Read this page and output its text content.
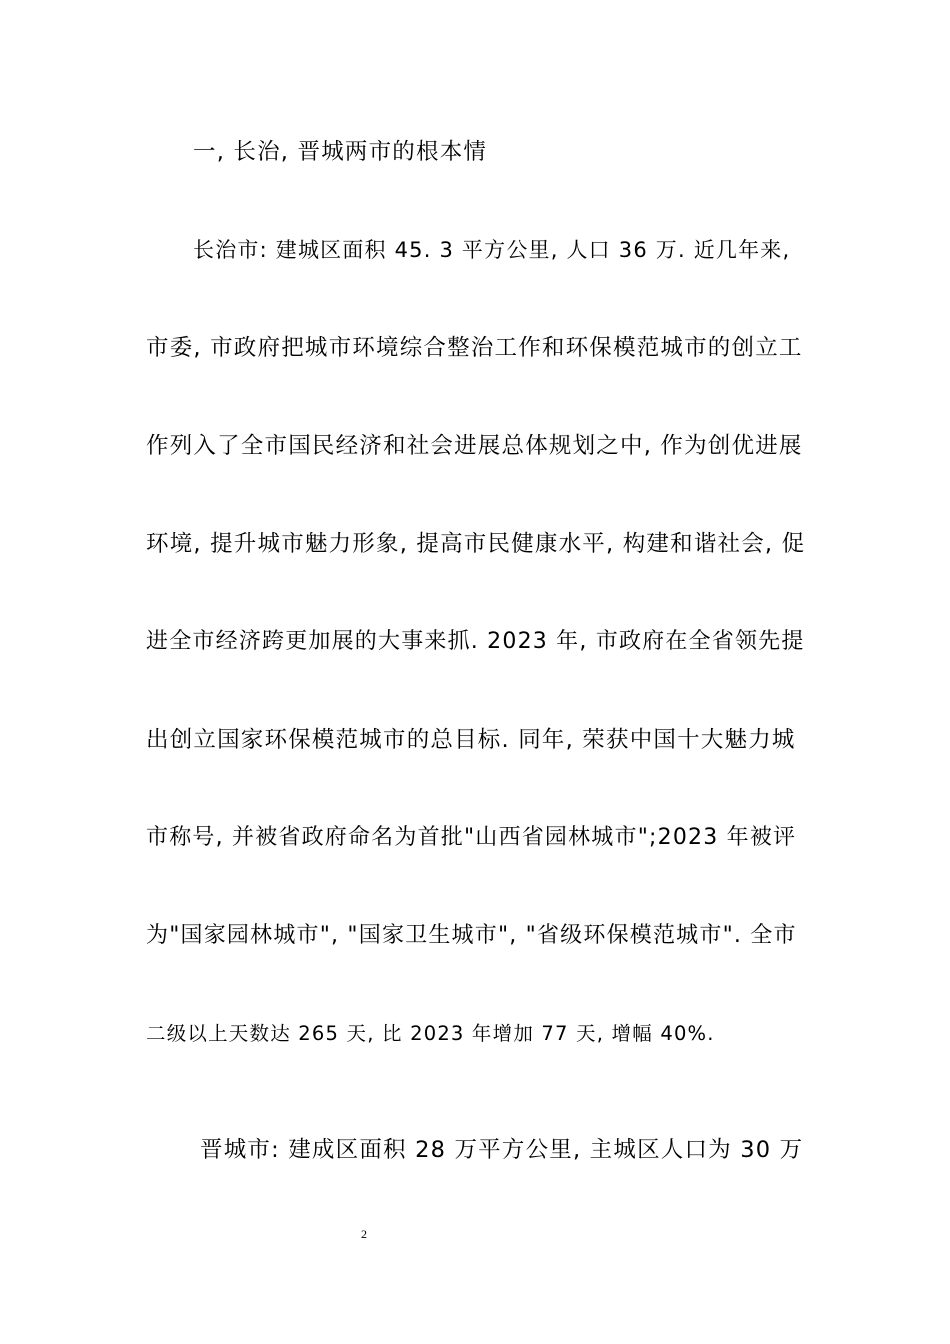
一, 长治, 晋城两市的根本情
长治市: 建城区面积 45. 3 平方公里, 人口 36 万. 近几年来,
市委, 市政府把城市环境综合整治工作和环保模范城市的创立工
作列入了全市国民经济和社会进展总体规划之中, 作为创优进展
环境, 提升城市魅力形象, 提高市民健康水平, 构建和谐社会, 促
进全市经济跨更加展的大事来抓. 2023 年, 市政府在全省领先提
出创立国家环保模范城市的总目标. 同年, 荣获中国十大魅力城
市称号, 并被省政府命名为首批"山西省园林城市";2023 年被评
为"国家园林城市", "国家卫生城市", "省级环保模范城市". 全市
二级以上天数达 265 天, 比 2023 年增加 77 天, 增幅 40%.
晋城市: 建成区面积 28 万平方公里, 主城区人口为 30 万
2
